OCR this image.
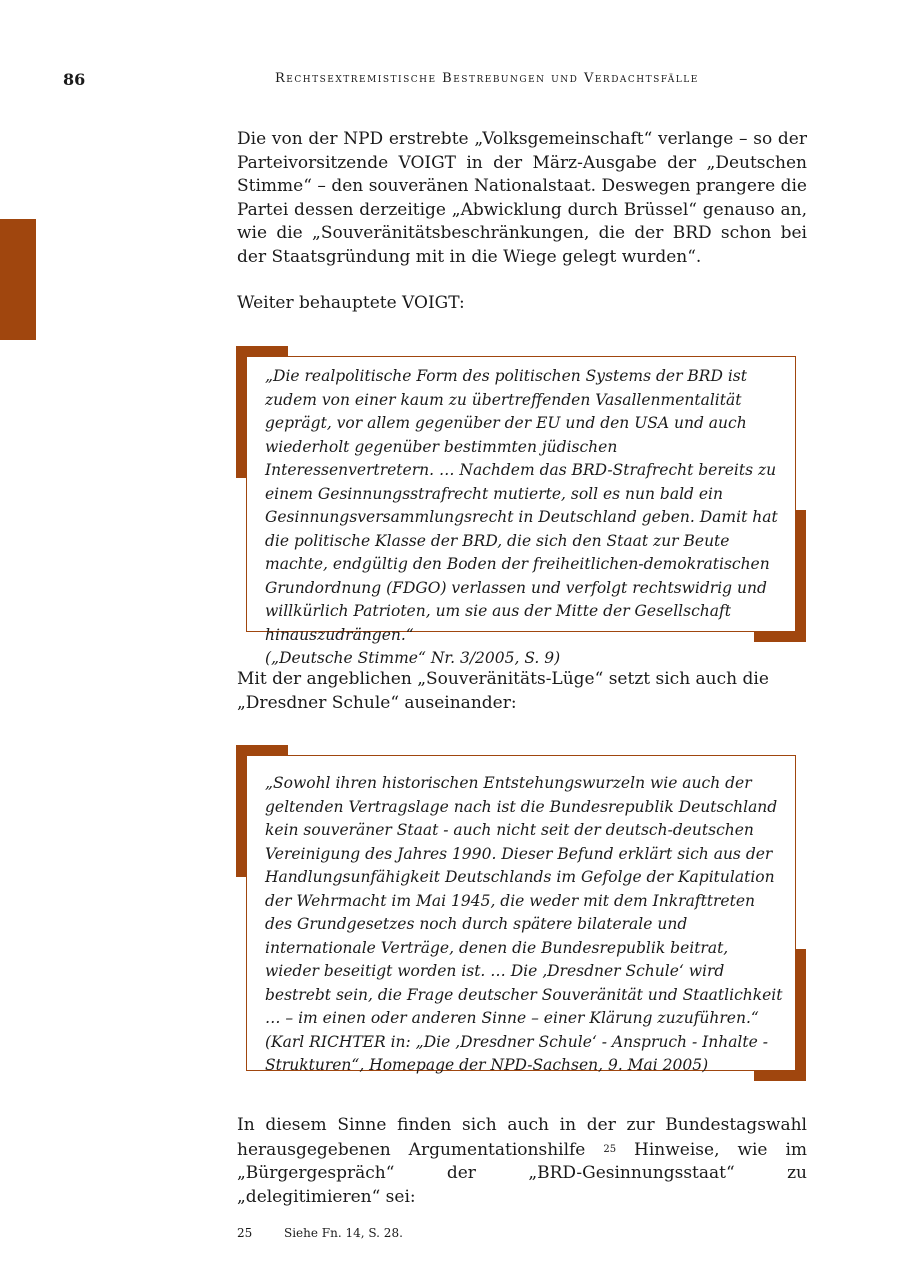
86	Rechtsextremistische Bestrebungen und Verdachtsfälle

Die von der NPD erstrebte „Volksgemeinschaft“ verlange – so der Parteivorsitzende VOIGT in der März-Ausgabe der „Deutschen Stimme“ – den souveränen Nationalstaat. Deswegen prangere die Partei dessen derzeitige „Abwicklung durch Brüssel“ genauso an, wie die „Souveränitätsbeschränkungen, die der BRD schon bei der Staatsgründung mit in die Wiege gelegt wurden“.

Weiter behauptete VOIGT:

„Die realpolitische Form des politischen Systems der BRD ist zudem von einer kaum zu übertreffenden Vasallenmentalität geprägt, vor allem gegenüber der EU und den USA und auch wiederholt gegenüber bestimmten jüdischen Interessenvertretern. … Nachdem das BRD-Strafrecht bereits zu einem Gesinnungsstrafrecht mutierte, soll es nun bald ein Gesinnungsversammlungsrecht in Deutschland geben. Damit hat die politische Klasse der BRD, die sich den Staat zur Beute machte, endgültig den Boden der freiheitlichen-demokratischen Grundordnung (FDGO) verlassen und verfolgt rechtswidrig und willkürlich Patrioten, um sie aus der Mitte der Gesellschaft hinauszudrängen.“
(„Deutsche Stimme“ Nr. 3/2005, S. 9)

Mit der angeblichen „Souveränitäts-Lüge“ setzt sich auch die „Dresdner Schule“ auseinander:

„Sowohl ihren historischen Entstehungswurzeln wie auch der geltenden Vertragslage nach ist die Bundesrepublik Deutschland kein souveräner Staat - auch nicht seit der deutsch-deutschen Vereinigung des Jahres 1990. Dieser Befund erklärt sich aus der Handlungsunfähigkeit Deutschlands im Gefolge der Kapitulation der Wehrmacht im Mai 1945, die weder mit dem Inkrafttreten des Grundgesetzes noch durch spätere bilaterale und internationale Verträge, denen die Bundesrepublik beitrat, wieder beseitigt worden ist. … Die ‚Dresdner Schule‘ wird bestrebt sein, die Frage deutscher Souveränität und Staatlichkeit … – im einen oder anderen Sinne – einer Klärung zuzuführen.“
(Karl RICHTER in: „Die ‚Dresdner Schule‘ - Anspruch - Inhalte - Strukturen“, Homepage der NPD-Sachsen, 9. Mai 2005)

In diesem Sinne finden sich auch in der zur Bundestagswahl herausgegebenen Argumentationshilfe $^{25}$ Hinweise, wie im „Bürgergespräch“ der „BRD-Gesinnungsstaat“ zu „delegitimieren“ sei:

25	Siehe Fn. 14, S. 28.
